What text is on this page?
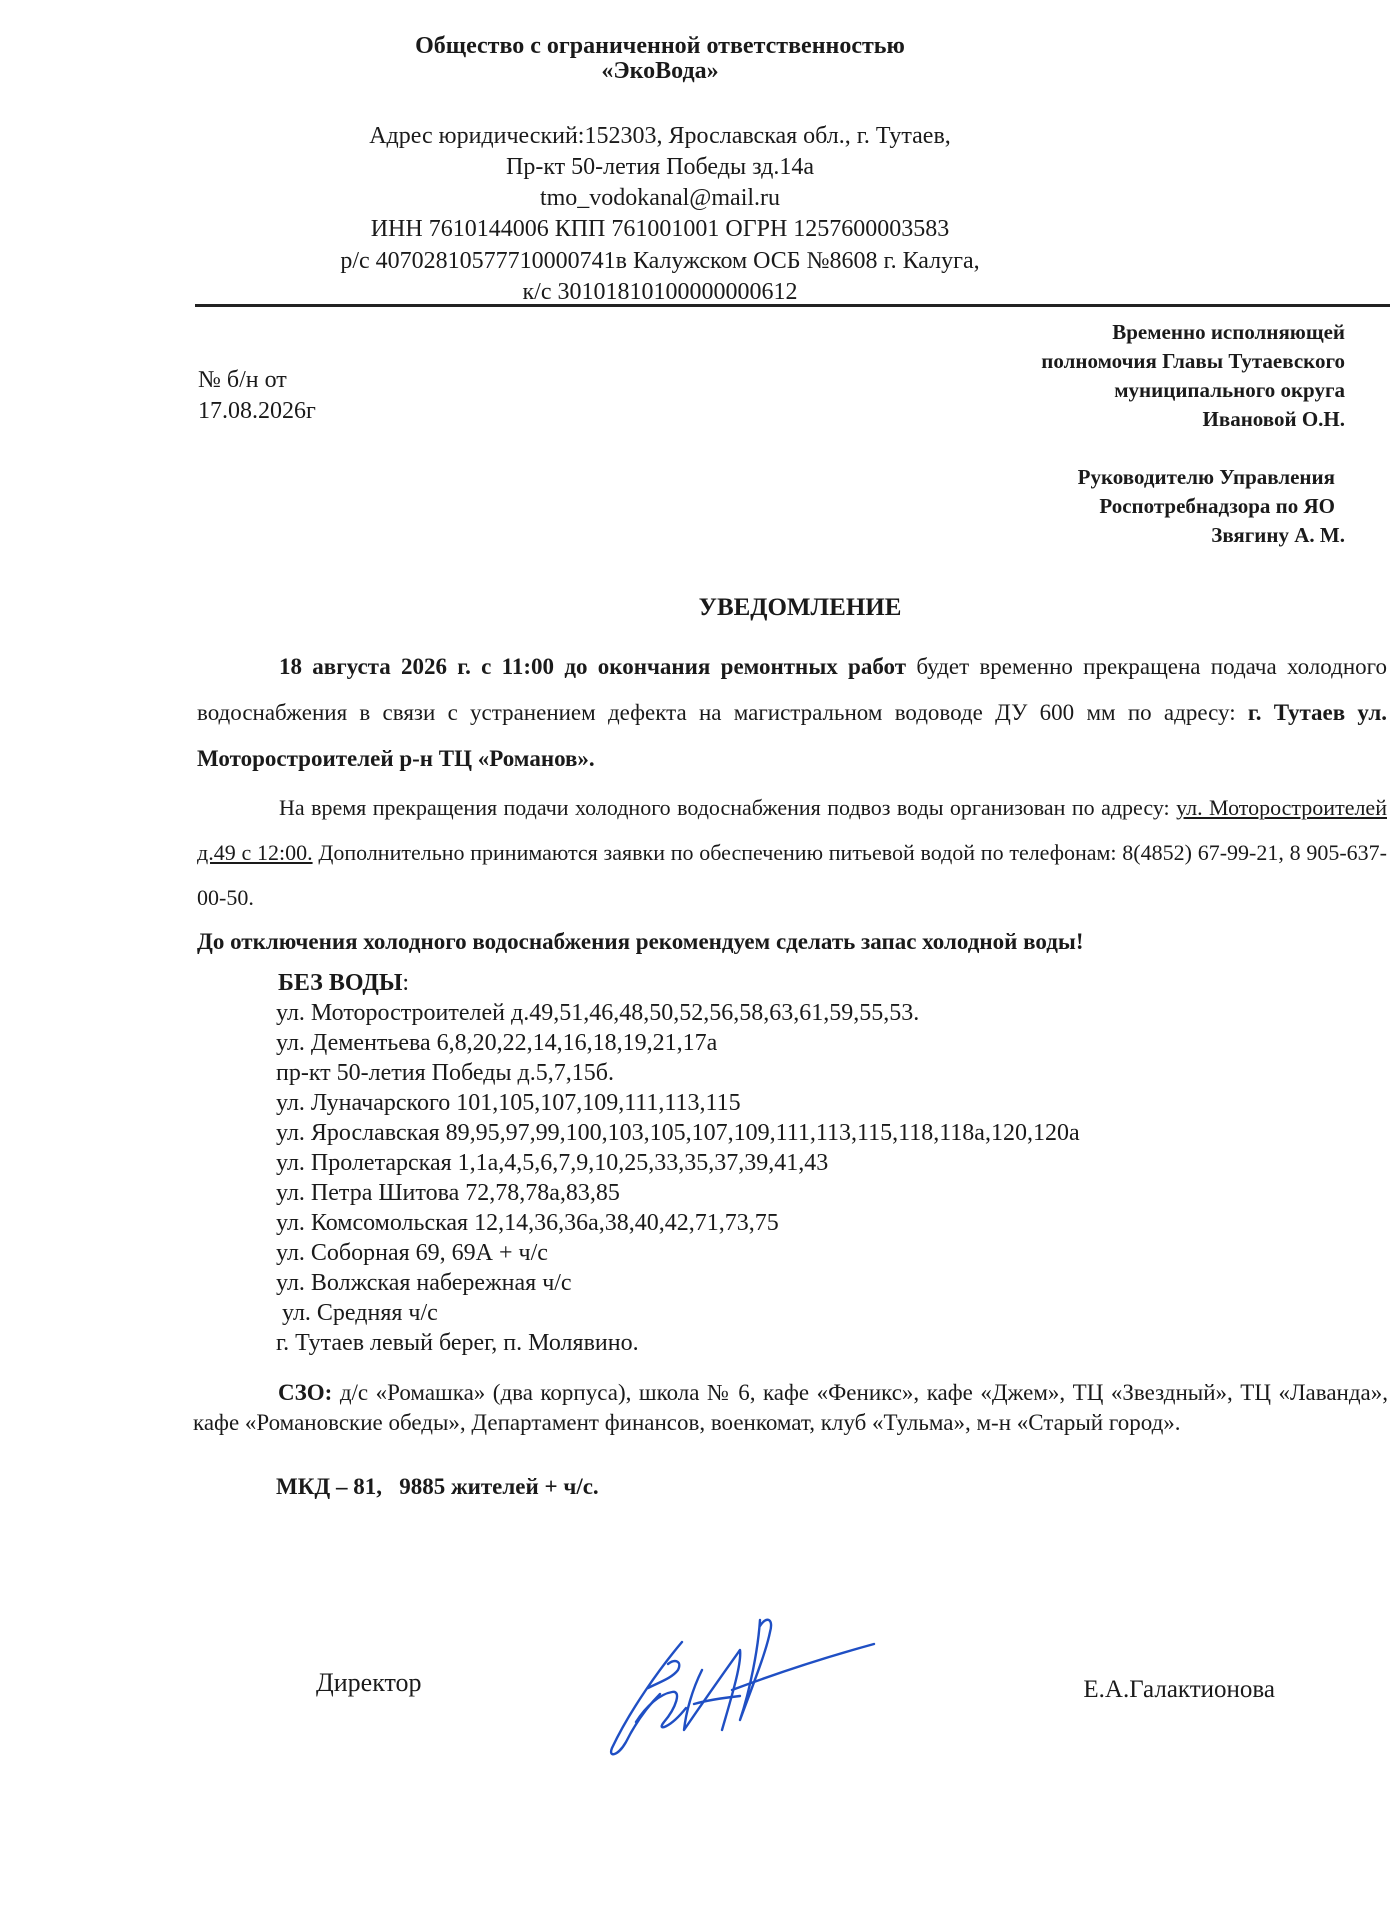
Общество с ограниченной ответственностью
«ЭкоВода»
Адрес юридический:152303, Ярославская обл., г. Тутаев,
Пр-кт 50-летия Победы зд.14а
tmo_vodokanal@mail.ru
ИНН 7610144006 КПП 761001001 ОГРН 1257600003583
р/с 40702810577710000741в Калужском ОСБ №8608 г. Калуга,
к/с 30101810100000000612
№ б/н от
17.08.2026г
Временно исполняющей
полномочия Главы Тутаевского
муниципального округа
Ивановой О.Н.
Руководителю Управления
Роспотребнадзора по ЯО
Звягину А. М.
УВЕДОМЛЕНИЕ
18 августа 2026 г. с 11:00 до окончания ремонтных работ будет временно прекращена подача холодного водоснабжения в связи с устранением дефекта на магистральном водоводе ДУ 600 мм по адресу: г. Тутаев ул. Моторостроителей р-н ТЦ «Романов».
На время прекращения подачи холодного водоснабжения подвоз воды организован по адресу: ул. Моторостроителей д.49 с 12:00. Дополнительно принимаются заявки по обеспечению питьевой водой по телефонам: 8(4852) 67-99-21, 8 905-637-00-50.
До отключения холодного водоснабжения рекомендуем сделать запас холодной воды!
БЕЗ ВОДЫ:
ул. Моторостроителей д.49,51,46,48,50,52,56,58,63,61,59,55,53.
ул. Дементьева 6,8,20,22,14,16,18,19,21,17а
пр-кт 50-летия Победы д.5,7,15б.
ул. Луначарского 101,105,107,109,111,113,115
ул. Ярославская 89,95,97,99,100,103,105,107,109,111,113,115,118,118а,120,120а
ул. Пролетарская 1,1а,4,5,6,7,9,10,25,33,35,37,39,41,43
ул. Петра Шитова 72,78,78а,83,85
ул. Комсомольская 12,14,36,36а,38,40,42,71,73,75
ул. Соборная 69, 69А + ч/с
ул. Волжская набережная ч/с
ул. Средняя ч/с
г. Тутаев левый берег, п. Молявино.
СЗО: д/с «Ромашка» (два корпуса), школа № 6, кафе «Феникс», кафе «Джем», ТЦ «Звездный», ТЦ «Лаванда», кафе «Романовские обеды», Департамент финансов, военкомат, клуб «Тульма», м-н «Старый город».
МКД – 81,   9885 жителей + ч/с.
Директор	Е.А.Галактионова
